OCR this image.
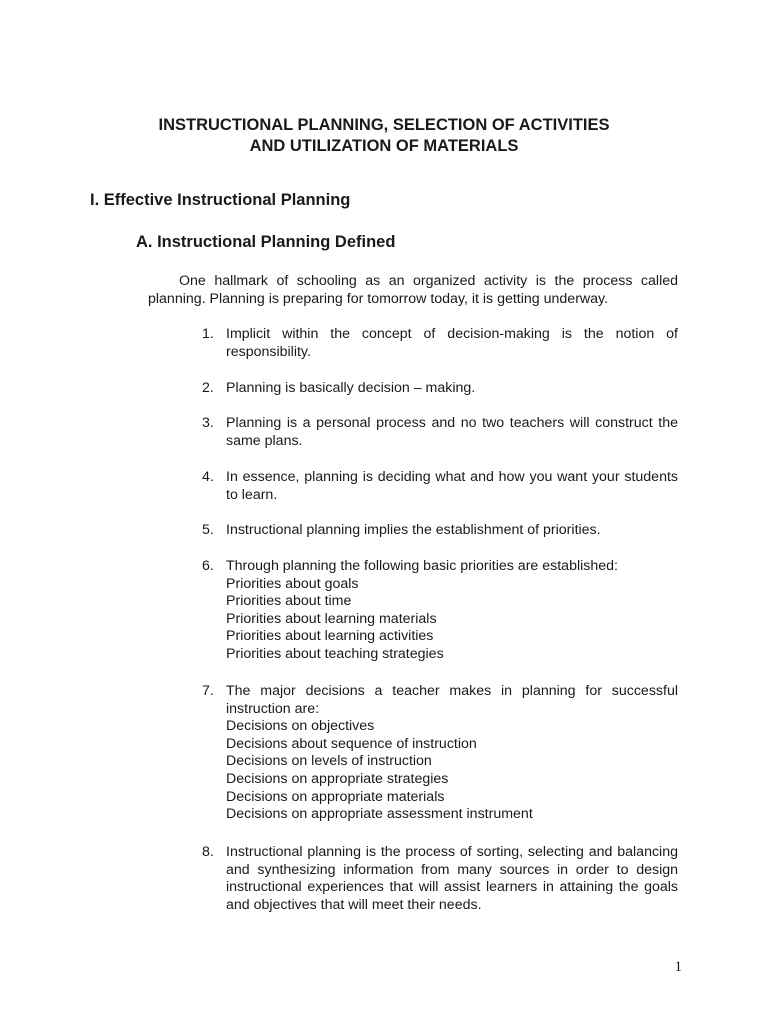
INSTRUCTIONAL PLANNING, SELECTION OF ACTIVITIES
AND UTILIZATION OF MATERIALS
I. Effective Instructional Planning
A. Instructional Planning Defined

One hallmark of schooling as an organized activity is the process called planning. Planning is preparing for tomorrow today, it is getting underway.

1. Implicit within the concept of decision-making is the notion of responsibility.
2. Planning is basically decision – making.
3. Planning is a personal process and no two teachers will construct the same plans.
4. In essence, planning is deciding what and how you want your students to learn.
5. Instructional planning implies the establishment of priorities.
6. Through planning the following basic priorities are established:
Priorities about goals
Priorities about time
Priorities about learning materials
Priorities about learning activities
Priorities about teaching strategies
7. The major decisions a teacher makes in planning for successful instruction are:
Decisions on objectives
Decisions about sequence of instruction
Decisions on levels of instruction
Decisions on appropriate strategies
Decisions on appropriate materials
Decisions on appropriate assessment instrument
8. Instructional planning is the process of sorting, selecting and balancing and synthesizing information from many sources in order to design instructional experiences that will assist learners in attaining the goals and objectives that will meet their needs.
1
